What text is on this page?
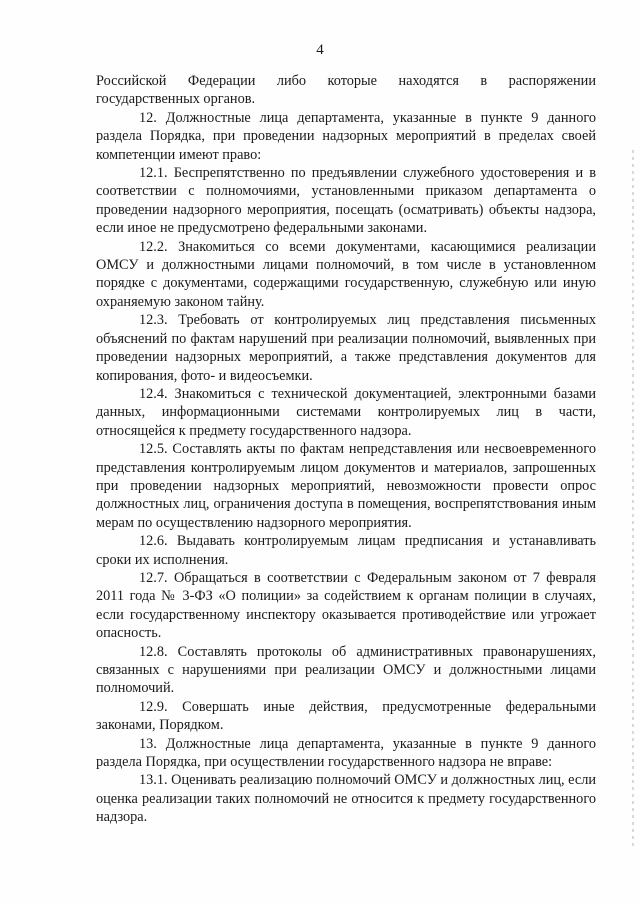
4

Российской Федерации либо которые находятся в распоряжении государственных органов.

12. Должностные лица департамента, указанные в пункте 9 данного раздела Порядка, при проведении надзорных мероприятий в пределах своей компетенции имеют право:

12.1. Беспрепятственно по предъявлении служебного удостоверения и в соответствии с полномочиями, установленными приказом департамента о проведении надзорного мероприятия, посещать (осматривать) объекты надзора, если иное не предусмотрено федеральными законами.

12.2. Знакомиться со всеми документами, касающимися реализации ОМСУ и должностными лицами полномочий, в том числе в установленном порядке с документами, содержащими государственную, служебную или иную охраняемую законом тайну.

12.3. Требовать от контролируемых лиц представления письменных объяснений по фактам нарушений при реализации полномочий, выявленных при проведении надзорных мероприятий, а также представления документов для копирования, фото- и видеосъемки.

12.4. Знакомиться с технической документацией, электронными базами данных, информационными системами контролируемых лиц в части, относящейся к предмету государственного надзора.

12.5. Составлять акты по фактам непредставления или несвоевременного представления контролируемым лицом документов и материалов, запрошенных при проведении надзорных мероприятий, невозможности провести опрос должностных лиц, ограничения доступа в помещения, воспрепятствования иным мерам по осуществлению надзорного мероприятия.

12.6. Выдавать контролируемым лицам предписания и устанавливать сроки их исполнения.

12.7. Обращаться в соответствии с Федеральным законом от 7 февраля 2011 года № 3-ФЗ «О полиции» за содействием к органам полиции в случаях, если государственному инспектору оказывается противодействие или угрожает опасность.

12.8. Составлять протоколы об административных правонарушениях, связанных с нарушениями при реализации ОМСУ и должностными лицами полномочий.

12.9. Совершать иные действия, предусмотренные федеральными законами, Порядком.

13. Должностные лица департамента, указанные в пункте 9 данного раздела Порядка, при осуществлении государственного надзора не вправе:

13.1. Оценивать реализацию полномочий ОМСУ и должностных лиц, если оценка реализации таких полномочий не относится к предмету государственного надзора.
